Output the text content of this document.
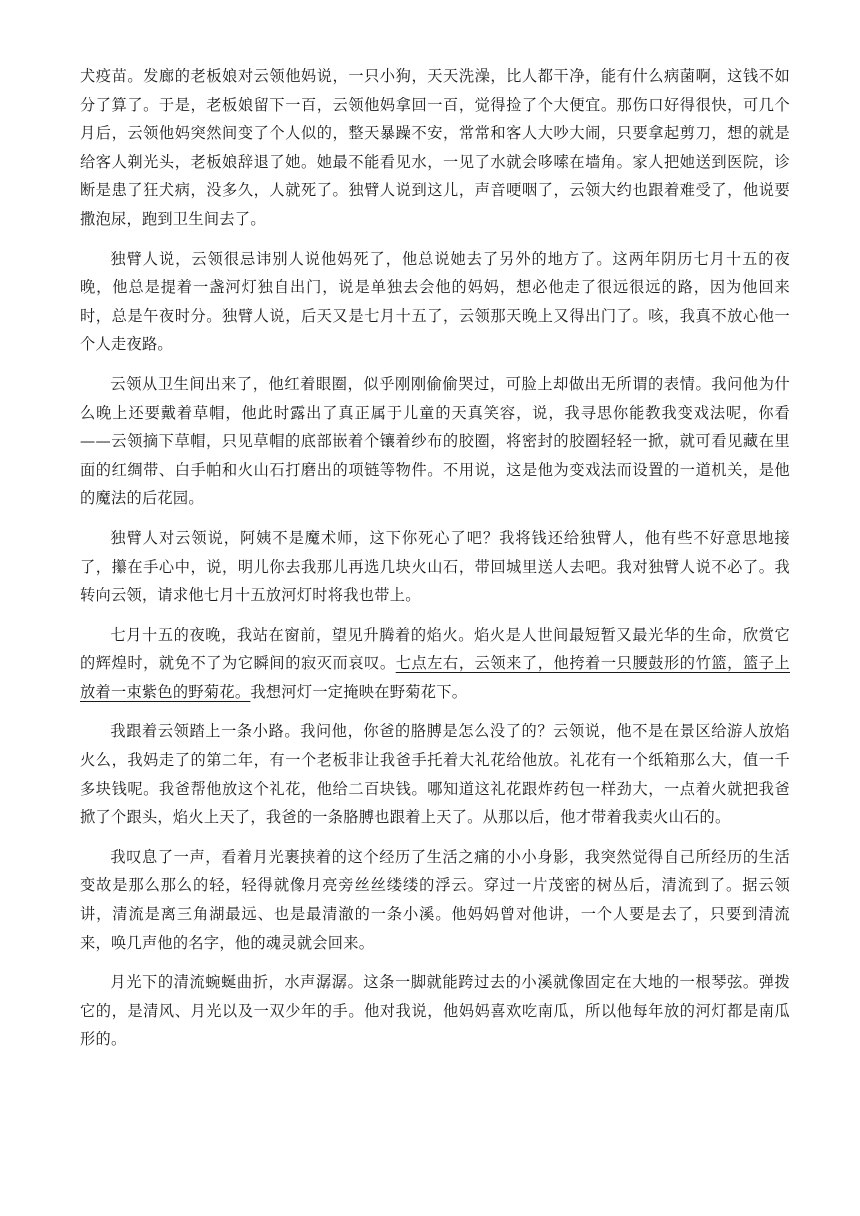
犬疫苗。发廊的老板娘对云领他妈说，一只小狗，天天洗澡，比人都干净，能有什么病菌啊，这钱不如分了算了。于是，老板娘留下一百，云领他妈拿回一百，觉得捡了个大便宜。那伤口好得很快，可几个月后，云领他妈突然间变了个人似的，整天暴躁不安，常常和客人大吵大闹，只要拿起剪刀，想的就是给客人剃光头，老板娘辞退了她。她最不能看见水，一见了水就会哆嗦在墙角。家人把她送到医院，诊断是患了狂犬病，没多久，人就死了。独臂人说到这儿，声音哽咽了，云领大约也跟着难受了，他说要撒泡尿，跑到卫生间去了。

独臂人说，云领很忌讳别人说他妈死了，他总说她去了另外的地方了。这两年阴历七月十五的夜晚，他总是提着一盏河灯独自出门，说是单独去会他的妈妈，想必他走了很远很远的路，因为他回来时，总是午夜时分。独臂人说，后天又是七月十五了，云领那天晚上又得出门了。咳，我真不放心他一个人走夜路。

云领从卫生间出来了，他红着眼圈，似乎刚刚偷偷哭过，可脸上却做出无所谓的表情。我问他为什么晚上还要戴着草帽，他此时露出了真正属于儿童的天真笑容，说，我寻思你能教我变戏法呢，你看——云领摘下草帽，只见草帽的底部嵌着个镶着纱布的胶圈，将密封的胶圈轻轻一掀，就可看见藏在里面的红绸带、白手帕和火山石打磨出的项链等物件。不用说，这是他为变戏法而设置的一道机关，是他的魔法的后花园。

独臂人对云领说，阿姨不是魔术师，这下你死心了吧？我将钱还给独臂人，他有些不好意思地接了，攥在手心中，说，明儿你去我那儿再选几块火山石，带回城里送人去吧。我对独臂人说不必了。我转向云领，请求他七月十五放河灯时将我也带上。

七月十五的夜晚，我站在窗前，望见升腾着的焰火。焰火是人世间最短暂又最光华的生命，欣赏它的辉煌时，就免不了为它瞬间的寂灭而哀叹。七点左右，云领来了，他挎着一只腰鼓形的竹篮，篮子上放着一束紫色的野菊花。我想河灯一定掩映在野菊花下。

我跟着云领踏上一条小路。我问他，你爸的胳膊是怎么没了的？云领说，他不是在景区给游人放焰火么，我妈走了的第二年，有一个老板非让我爸手托着大礼花给他放。礼花有一个纸箱那么大，值一千多块钱呢。我爸帮他放这个礼花，他给二百块钱。哪知道这礼花跟炸药包一样劲大，一点着火就把我爸掀了个跟头，焰火上天了，我爸的一条胳膊也跟着上天了。从那以后，他才带着我卖火山石的。

我叹息了一声，看着月光裹挟着的这个经历了生活之痛的小小身影，我突然觉得自己所经历的生活变故是那么那么的轻，轻得就像月亮旁丝丝缕缕的浮云。穿过一片茂密的树丛后，清流到了。据云领讲，清流是离三角湖最远、也是最清澈的一条小溪。他妈妈曾对他讲，一个人要是去了，只要到清流来，唤几声他的名字，他的魂灵就会回来。

月光下的清流蜿蜒曲折，水声潺潺。这条一脚就能跨过去的小溪就像固定在大地的一根琴弦。弹拨它的，是清风、月光以及一双少年的手。他对我说，他妈妈喜欢吃南瓜，所以他每年放的河灯都是南瓜形的。
